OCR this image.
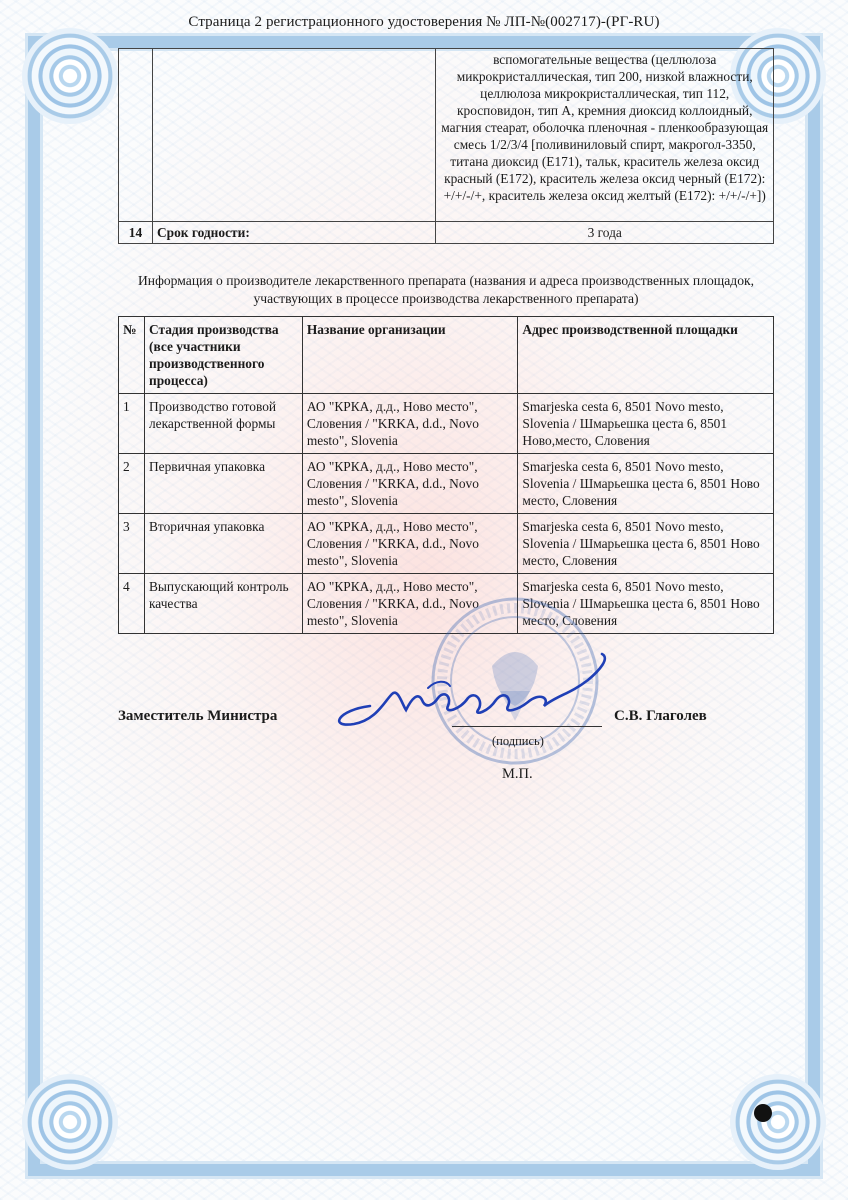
Страница 2 регистрационного удостоверения № ЛП-№(002717)-(РГ-RU)
		вспомогательные вещества (целлюлоза микрокристаллическая, тип 200, низкой влажности, целлюлоза микрокристаллическая, тип 112, кросповидон, тип А, кремния диоксид коллоидный, магния стеарат, оболочка пленочная - пленкообразующая смесь 1/2/3/4 [поливиниловый спирт, макрогол-3350, титана диоксид (Е171), тальк, краситель железа оксид красный (Е172), краситель железа оксид черный (Е172): +/+/-/+, краситель железа оксид желтый (Е172): +/+/-/+])
14	Срок годности:	3 года
Информация о производителе лекарственного препарата (названия и адреса производственных площадок, участвующих в процессе производства лекарственного препарата)
№	Стадия производства (все участники производственного процесса)	Название организации	Адрес производственной площадки
1	Производство готовой лекарственной формы	АО "КРКА, д.д., Ново место", Словения / "KRKA, d.d., Novo mesto", Slovenia	Smarjeska cesta 6, 8501 Novo mesto, Slovenia / Шмарьешка цеста 6, 8501 Ново,место, Словения
2	Первичная упаковка	АО "КРКА, д.д., Ново место", Словения / "KRKA, d.d., Novo mesto", Slovenia	Smarjeska cesta 6, 8501 Novo mesto, Slovenia / Шмарьешка цеста 6, 8501 Ново место, Словения
3	Вторичная упаковка	АО "КРКА, д.д., Ново место", Словения / "KRKA, d.d., Novo mesto", Slovenia	Smarjeska cesta 6, 8501 Novo mesto, Slovenia / Шмарьешка цеста 6, 8501 Ново место, Словения
4	Выпускающий контроль качества	АО "КРКА, д.д., Ново место", Словения / "KRKA, d.d., Novo mesto", Slovenia	Smarjeska cesta 6, 8501 Novo mesto, Slovenia / Шмарьешка цеста 6, 8501 Ново место, Словения
Заместитель Министра
(подпись)
С.В. Глаголев
М.П.
